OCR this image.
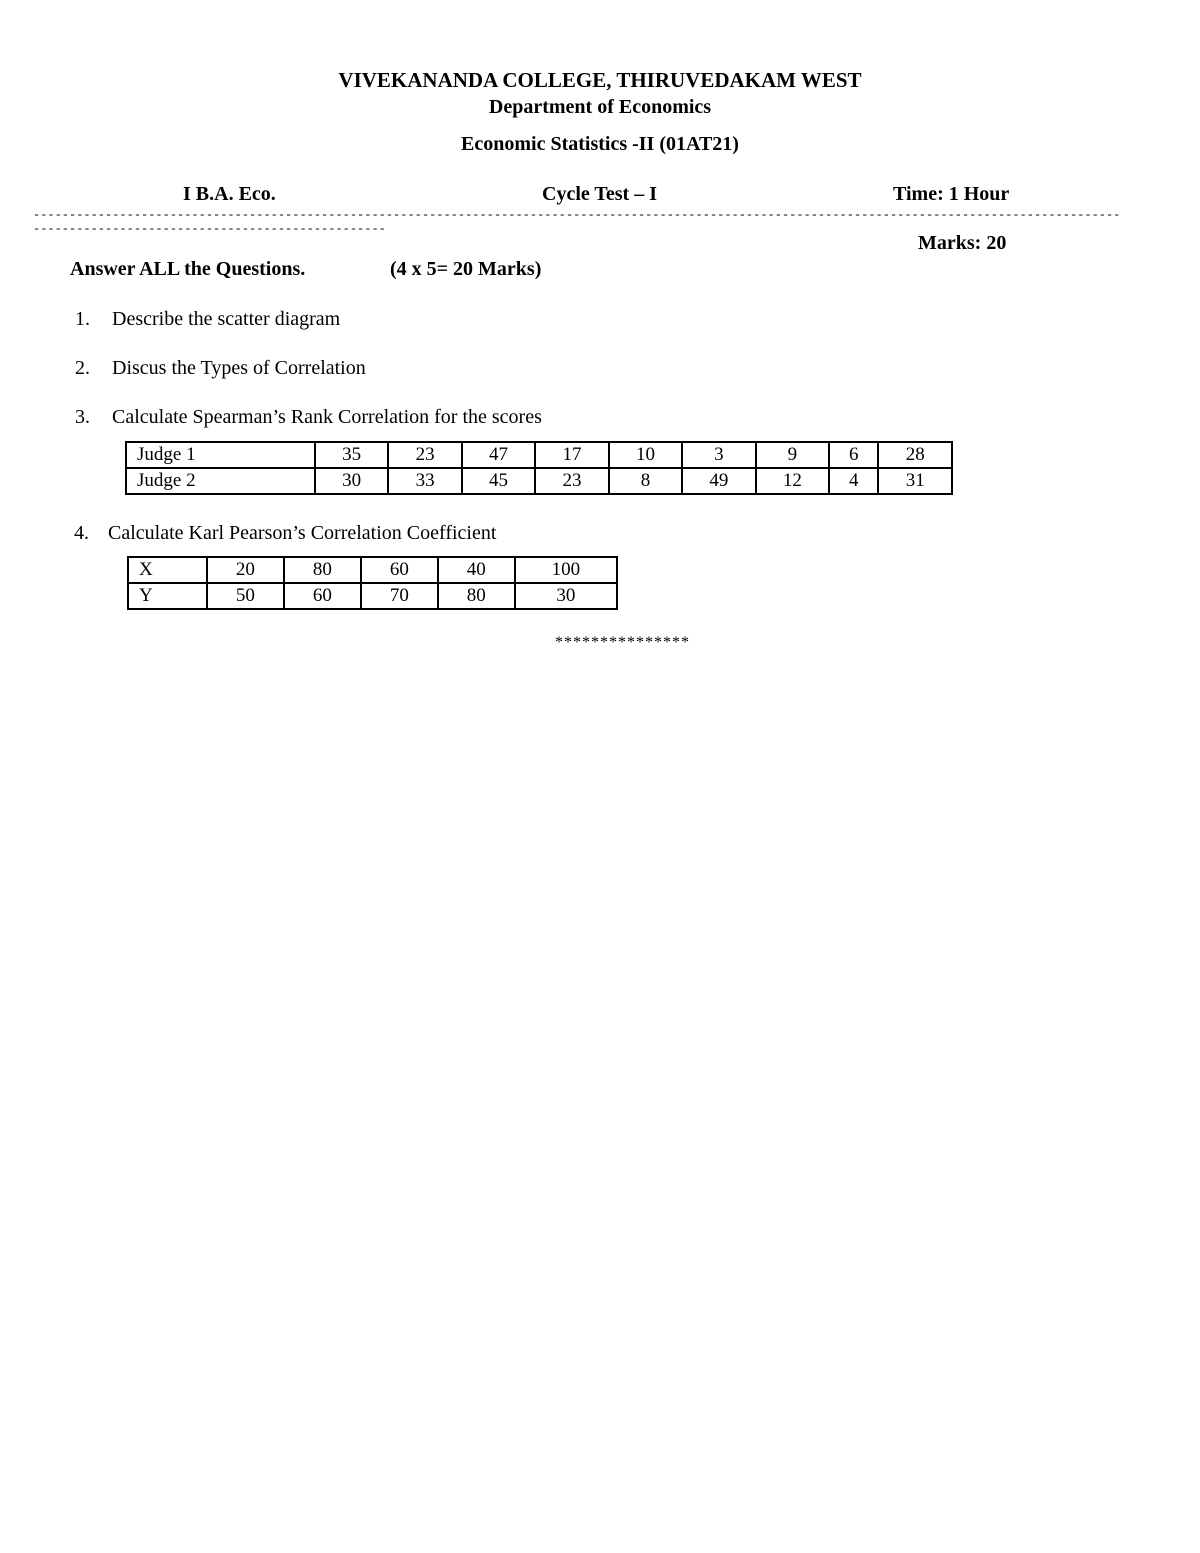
VIVEKANANDA COLLEGE, THIRUVEDAKAM WEST
Department of Economics
Economic Statistics -II (01AT21)
I B.A. Eco.	Cycle Test – I	Time: 1 Hour
--------------------------------------------------------------------------------------------------------------------------------------------------------------------------------------------------------
Marks: 20
Answer ALL the Questions.	(4 x 5= 20 Marks)
1. Describe the scatter diagram
2. Discus the Types of Correlation
3. Calculate Spearman’s Rank Correlation for the scores
Judge 1	35	23	47	17	10	3	9	6	28
Judge 2	30	33	45	23	8	49	12	4	31
4. Calculate Karl Pearson’s Correlation Coefficient
X	20	80	60	40	100
Y	50	60	70	80	30
***************
